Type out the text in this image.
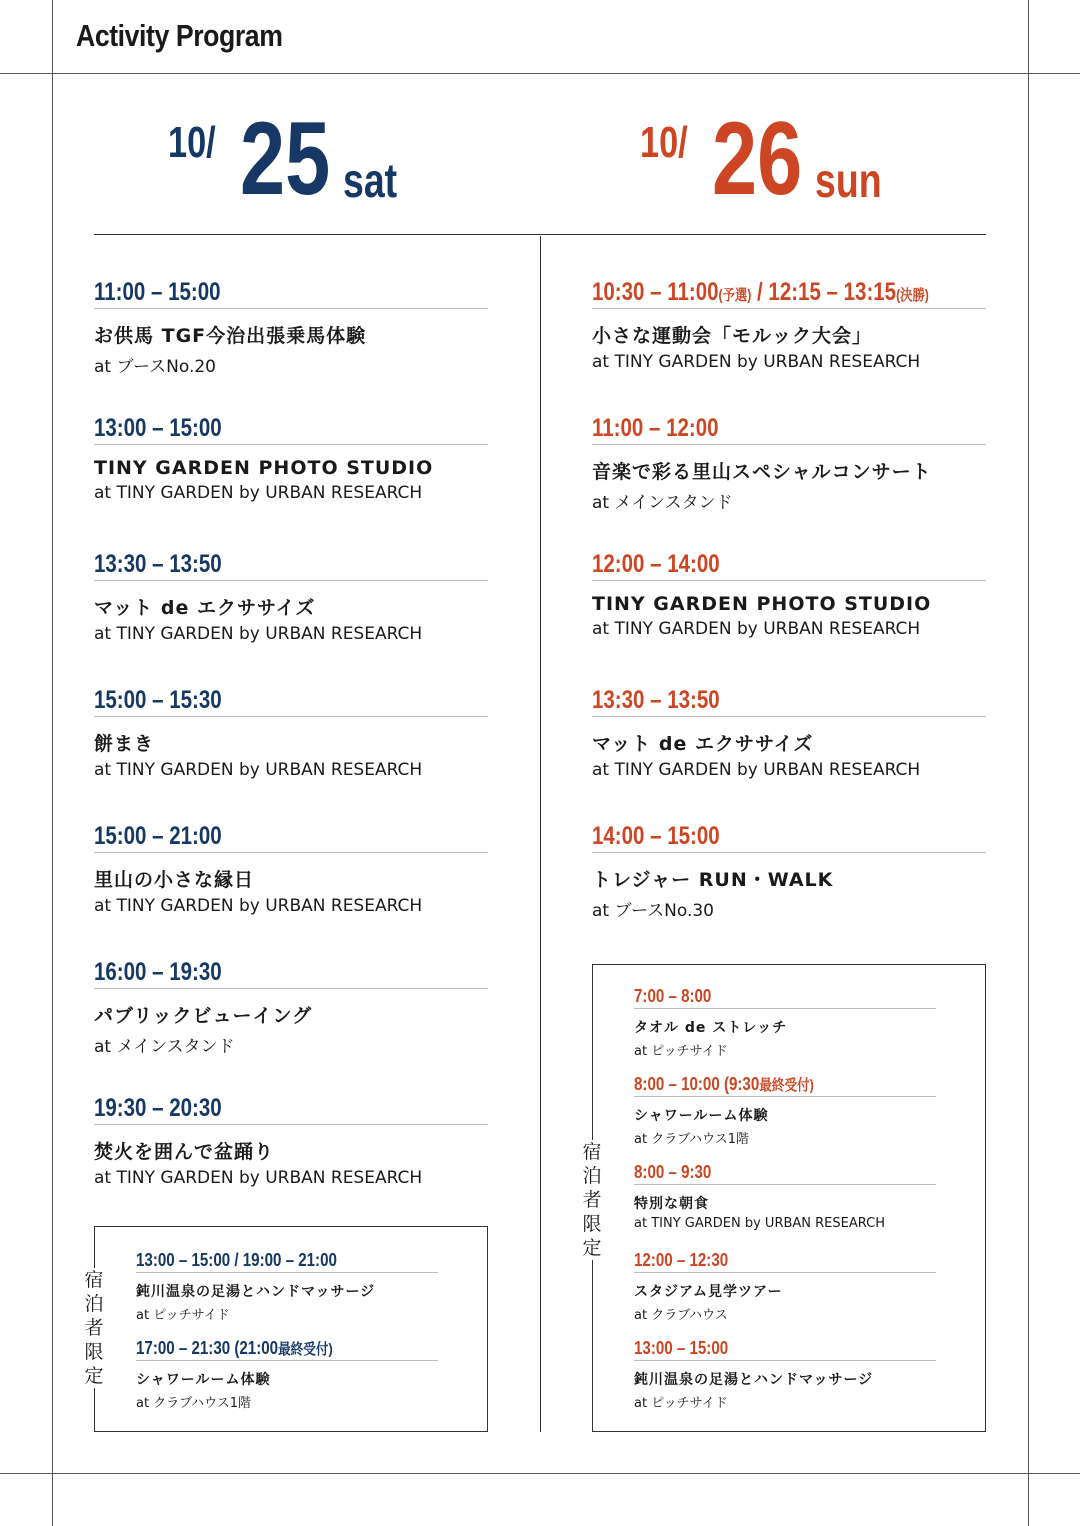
Activity Program
10/ 25 sat
10/ 26 sun
11:00 – 15:00
お供馬 TGF今治出張乗馬体験
at ブースNo.20
13:00 – 15:00
TINY GARDEN PHOTO STUDIO
at TINY GARDEN by URBAN RESEARCH
13:30 – 13:50
マット de エクササイズ
at TINY GARDEN by URBAN RESEARCH
15:00 – 15:30
餅まき
at TINY GARDEN by URBAN RESEARCH
15:00 – 21:00
里山の小さな縁日
at TINY GARDEN by URBAN RESEARCH
16:00 – 19:30
パブリックビューイング
at メインスタンド
19:30 – 20:30
焚火を囲んで盆踊り
at TINY GARDEN by URBAN RESEARCH
宿泊者限定
13:00 – 15:00 / 19:00 – 21:00
鈍川温泉の足湯とハンドマッサージ
at ピッチサイド
17:00 – 21:30 (21:00最終受付)
シャワールーム体験
at クラブハウス1階
10:30 – 11:00(予選) / 12:15 – 13:15(決勝)
小さな運動会「モルック大会」
at TINY GARDEN by URBAN RESEARCH
11:00 – 12:00
音楽で彩る里山スペシャルコンサート
at メインスタンド
12:00 – 14:00
TINY GARDEN PHOTO STUDIO
at TINY GARDEN by URBAN RESEARCH
13:30 – 13:50
マット de エクササイズ
at TINY GARDEN by URBAN RESEARCH
14:00 – 15:00
トレジャー RUN・WALK
at ブースNo.30
宿泊者限定
7:00 – 8:00
タオル de ストレッチ
at ピッチサイド
8:00 – 10:00 (9:30最終受付)
シャワールーム体験
at クラブハウス1階
8:00 – 9:30
特別な朝食
at TINY GARDEN by URBAN RESEARCH
12:00 – 12:30
スタジアム見学ツアー
at クラブハウス
13:00 – 15:00
鈍川温泉の足湯とハンドマッサージ
at ピッチサイド
